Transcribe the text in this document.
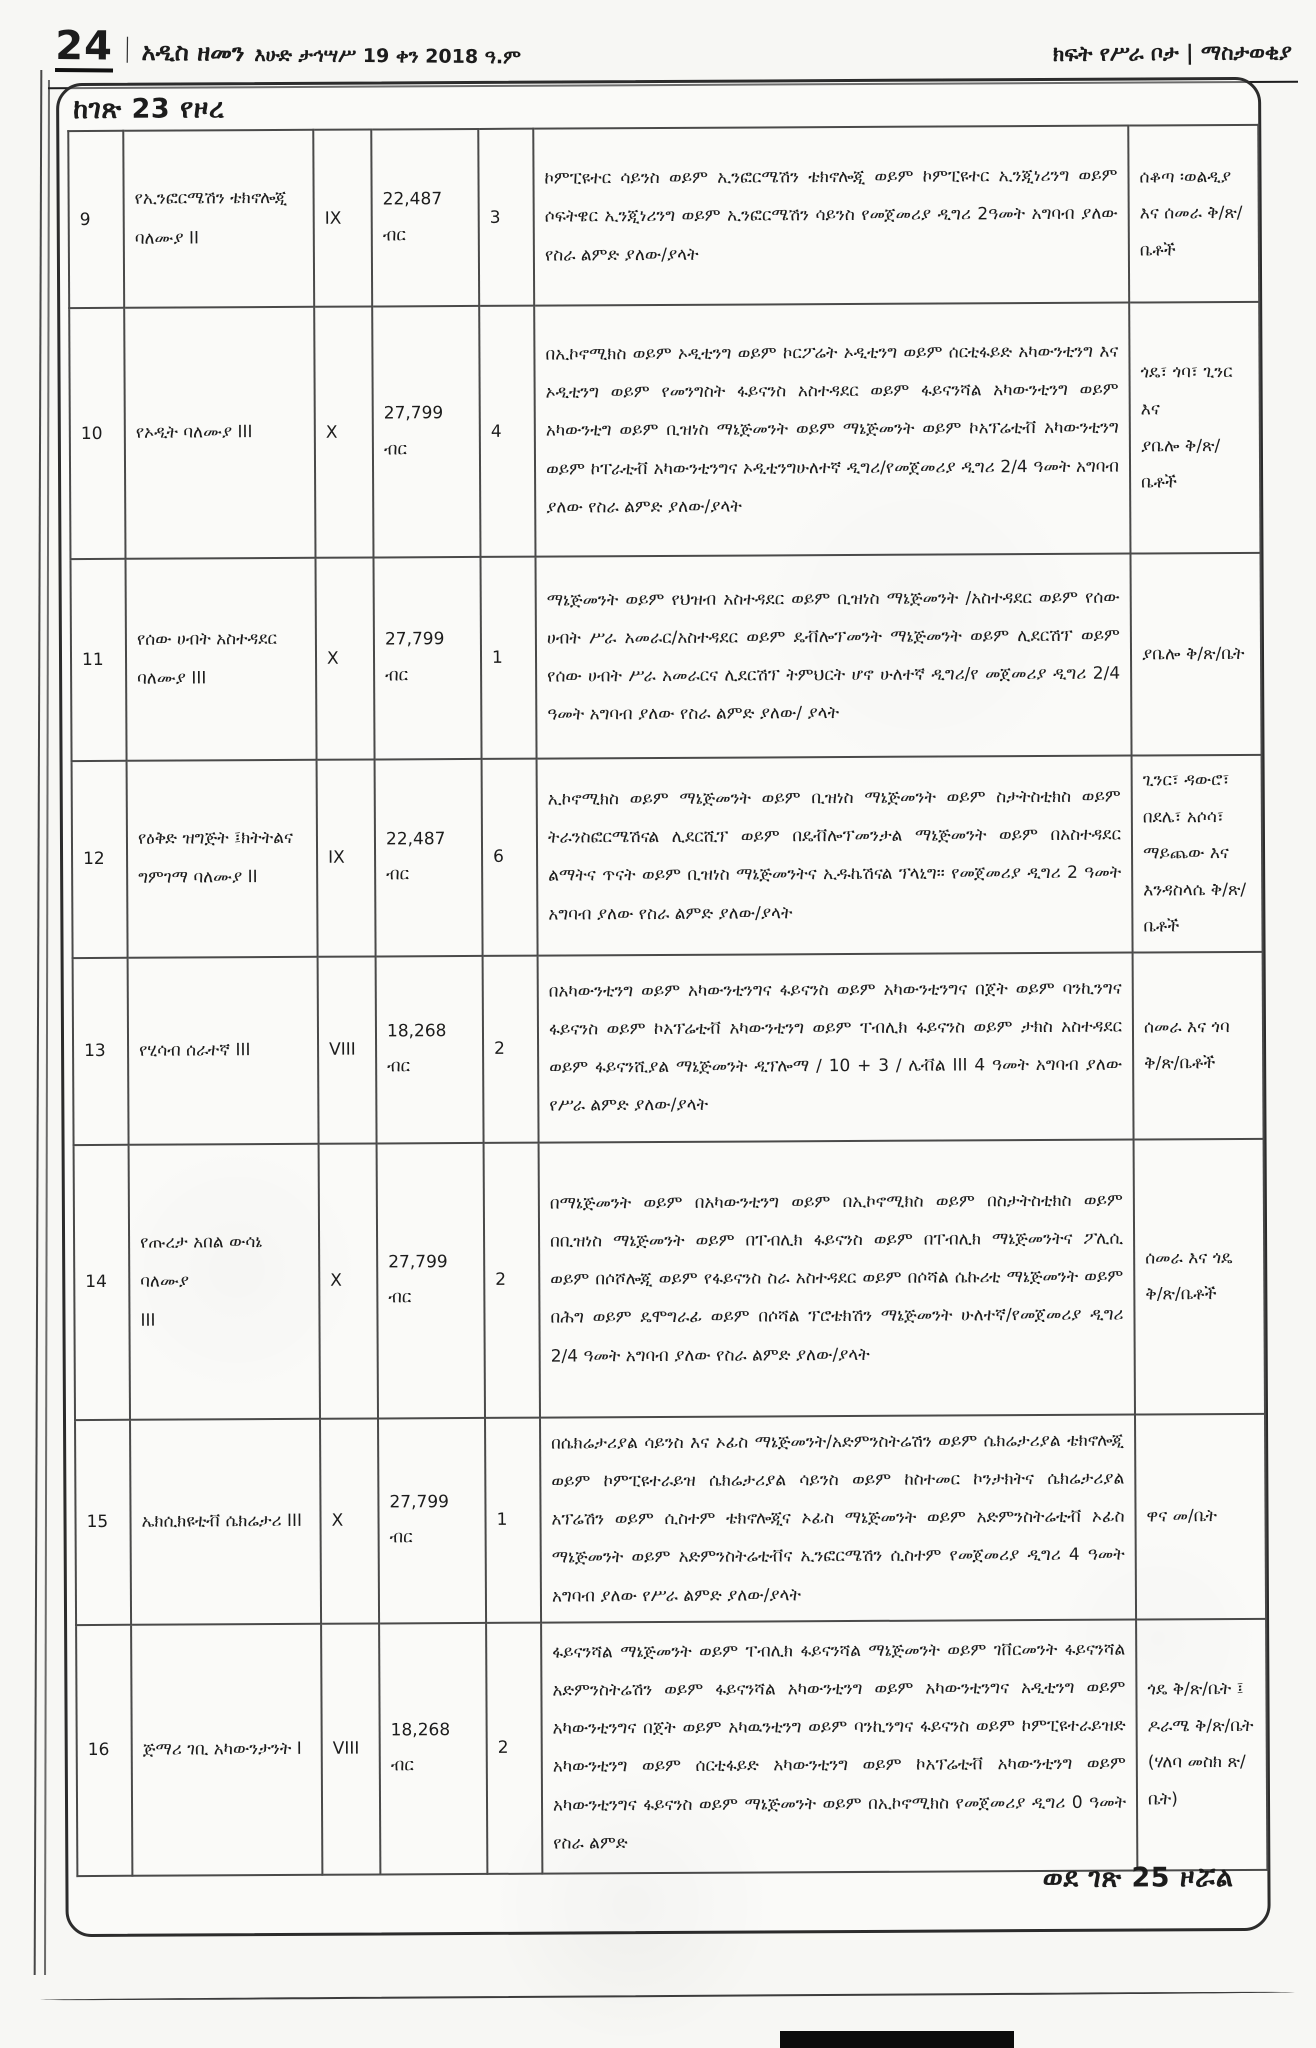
24 | አዲስ ዘመን እሁድ ታኅሣሥ 19 ቀን 2018 ዓ.ም	ክፍት የሥራ ቦታ | ማስታወቂያ
ከገጽ 23 የዞረ
9	የኢንፎርሜሽን ቴክኖሎጂ
ባለሙያ II	IX	22,487
ብር	3	ኮምፒዩተር ሳይንስ ወይም ኢንፎርሜሽን ቴክኖሎጂ ወይም ኮምፒዩተር ኢንጂነሪንግ ወይም ሶፍትዌር ኢንጂነሪንግ ወይም ኢንፎርሜሽን ሳይንስ የመጀመሪያ ዲግሪ 2ዓመት አግባብ ያለው የስራ ልምድ ያለው/ያላት	ሰቆጣ ፡ወልዲያ
እና ሰመራ ቅ/ጽ/
ቤቶች
10	የኦዲት ባለሙያ III	X	27,799
ብር	4	በኢኮኖሚክስ ወይም ኦዲቲንግ ወይም ኮርፖሬት ኦዲቲንግ ወይም ሰርቲፋይድ አካውንቲንግ እና ኦዲቲንግ ወይም የመንግስት ፋይናንስ አስተዳደር ወይም ፋይናንሻል አካውንቲንግ ወይም አካውንቲግ ወይም ቢዝነስ ማኔጅመንት ወይም ማኔጅመንት ወይም ኮአፕሬቲቭ አካውንቲንግ ወይም ኮፐራቲቭ አካውንቲንግና ኦዲቲንግሁለተኛ ዲግሪ/የመጀመሪያ ዲግሪ 2/4 ዓመት አግባብ ያለው የስራ ልምድ ያለው/ያላት	ጎዴ፣ ጎባ፣ ጊንር እና
ያቤሎ ቅ/ጽ/ቤቶች
11	የሰው ሀብት አስተዳደር
ባለሙያ III	X	27,799
ብር	1	ማኔጅመንት ወይም የህዝብ አስተዳደር ወይም ቢዝነስ ማኔጅመንት /አስተዳደር ወይም የሰው ሀብት ሥራ አመራር/አስተዳደር ወይም ዴቭሎፕመንት ማኔጅመንት ወይም ሊደርሽፕ ወይም የሰው ሀብት ሥራ አመራርና ሊደርሽፕ ትምህርት ሆኖ ሁለተኛ ዲግሪ/የ መጀመሪያ ዲግሪ 2/4 ዓመት አግባብ ያለው የስራ ልምድ ያለው/ ያላት	ያቤሎ ቅ/ጽ/ቤት
12	የዕቅድ ዝግጅት ፤ክትትልና
ግምገማ ባለሙያ II	IX	22,487
ብር	6	ኢኮኖሚክስ ወይም ማኔጅመንት ወይም ቢዝነስ ማኔጅመንት ወይም ስታትስቲክስ ወይም ትራንስፎርሜሽናል ሊደርሺፕ ወይም በዴቭሎፕመንታል ማኔጅመንት ወይም በአስተዳደር ልማትና ጥናት ወይም ቢዝነስ ማኔጅመንትና ኢዱኬሽናል ፕላኒግ፡፡ የመጀመሪያ ዲግሪ 2 ዓመት አግባብ ያለው የስራ ልምድ ያለው/ያላት	ጊንር፣ ዳውሮ፣
በደሌ፣ አሶሳ፣
ማይጨው እና
እንዳስላሴ ቅ/ጽ/
ቤቶች
13	የሂሳብ ሰራተኛ III	VIII	18,268 ብር	2	በአካውንቲንግ ወይም አካውንቲንግና ፋይናንስ ወይም አካውንቲንግና በጀት ወይም ባንኪንግና ፋይናንስ ወይም ኮአፕሬቲቭ አካውንቲንግ ወይም ፐብሊክ ፋይናንስ ወይም ታክስ አስተዳደር ወይም ፋይናንሺያል ማኔጅመንት ዲፕሎማ / 10 + 3 / ሌቭል III 4 ዓመት አግባብ ያለው የሥራ ልምድ ያለው/ያላት	ሰመራ እና ጎባ
ቅ/ጽ/ቤቶች
14	የጡረታ አበል ውሳኔ ባለሙያ
III	X	27,799
ብር	2	በማኔጅመንት ወይም በአካውንቲንግ ወይም በኢኮኖሚክስ ወይም በስታትስቲክስ ወይም በቢዝነስ ማኔጅመንት ወይም በፐብሊክ ፋይናንስ ወይም በፐብሊክ ማኔጅመንትና ፖሊሲ ወይም በሶሾሎጂ ወይም የፋይናንስ ስራ አስተዳደር ወይም በሶሻል ሴኩሪቲ ማኔጅመንት ወይም በሕግ ወይም ዴሞግራፊ ወይም በሶሻል ፕሮቴክሽን ማኔጅመንት ሁለተኛ/የመጀመሪያ ዲግሪ 2/4 ዓመት አግባብ ያለው የስራ ልምድ ያለው/ያላት	ሰመራ እና ጎዴ
ቅ/ጽ/ቤቶች
15	ኤክሲክዩቲቭ ሴክሬታሪ III	X	27,799
ብር	1	በሴክሬታሪያል ሳይንስ እና ኦፊስ ማኔጅመንት/አድምንስትሬሽን ወይም ሴክሬታሪያል ቴክኖሎጂ ወይም ኮምፒዩተራይዝ ሴክሬታሪያል ሳይንስ ወይም ከስተመር ኮንታክትና ሴክሬታሪያል አፕሬሽን ወይም ሲስተም ቴክኖሎጂና ኦፊስ ማኔጅመንት ወይም አድምንስትሬቲቭ ኦፊስ ማኔጅመንት ወይም አድምንስትሬቲቭና ኢንፎርሜሽን ሲስተም የመጀመሪያ ዲግሪ 4 ዓመት አግባብ ያለው የሥራ ልምድ ያለው/ያላት	ዋና መ/ቤት
16	ጅማሪ ገቢ አካውንታንት I	VIII	18,268 ብር	2	ፋይናንሻል ማኔጅመንት ወይም ፐብሊክ ፋይናንሻል ማኔጅመንት ወይም ገቨርመንት ፋይናንሻል አድምንስትሬሽን ወይም ፋይናንሻል አካውንቲንግ ወይም አካውንቲንግና አዲቲንግ ወይም አካውንቲንግና በጀት ወይም አካዉንቲንግ ወይም ባንኪንግና ፋይናንስ ወይም ኮምፒዩተራይዝድ አካውንቲንግ ወይም ሰርቲፋይድ አካውንቲንግ ወይም ኮአፕሬቲቭ አካውንቲንግ ወይም አካውንቲንግና ፋይናንስ ወይም ማኔጅመንት ወይም በኢኮኖሚክስ የመጀመሪያ ዲግሪ 0 ዓመት የስራ ልምድ	ጎዴ ቅ/ጽ/ቤት ፤
ዶራሜ ቅ/ጽ/ቤት
(ሃለባ መስክ ጽ/
ቤት)
ወደ ገጽ 25 ዞሯል
